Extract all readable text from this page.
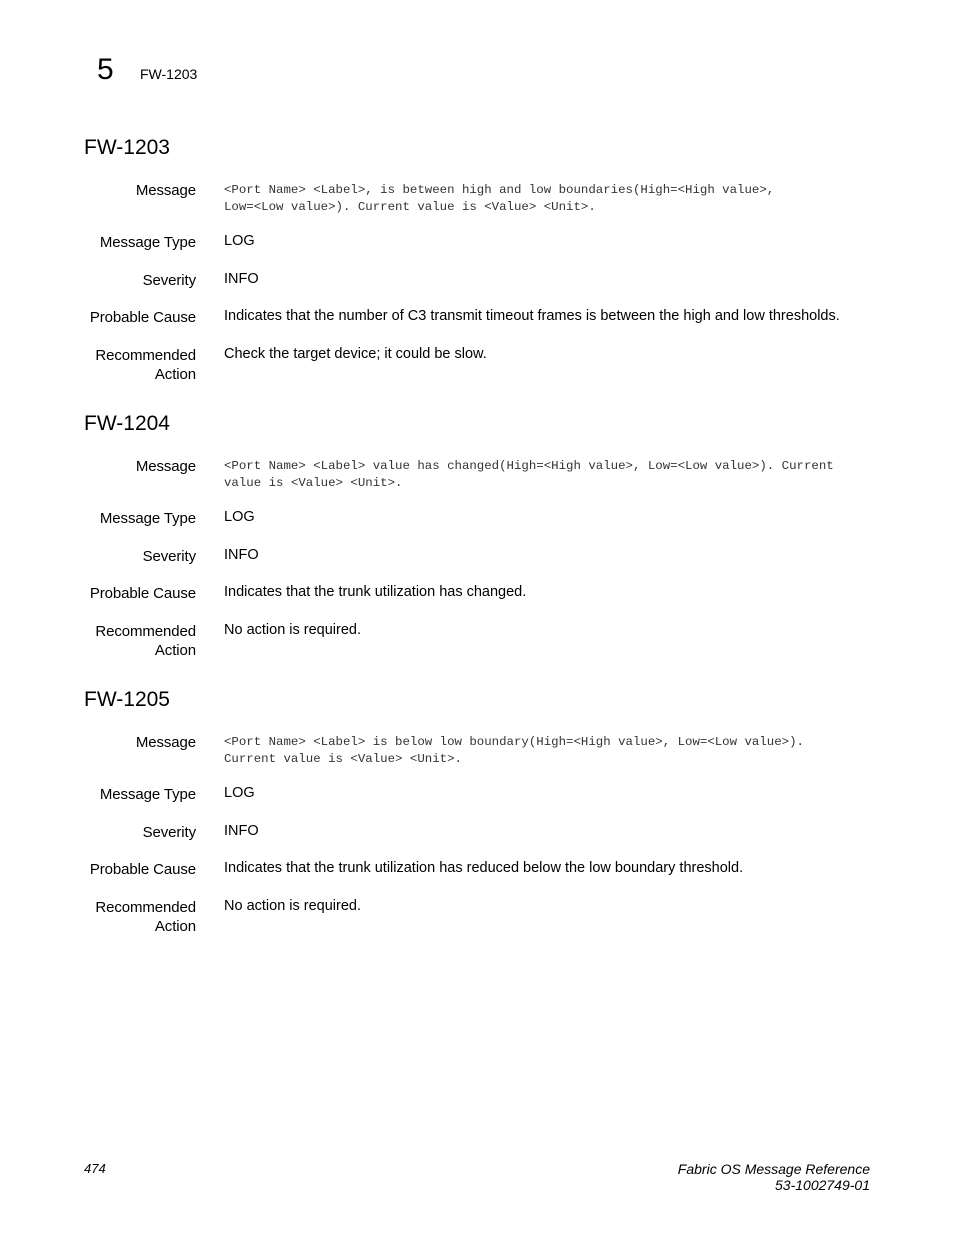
5 FW-1203
FW-1203
Message <Port Name> <Label>, is between high and low boundaries(High=<High value>,
Low=<Low value>). Current value is <Value> <Unit>.
Message Type LOG
Severity INFO
Probable Cause Indicates that the number of C3 transmit timeout frames is between the high and low thresholds.
Recommended
Action
Check the target device; it could be slow.
FW-1204
Message <Port Name> <Label> value has changed(High=<High value>, Low=<Low value>). Current
value is <Value> <Unit>.
Message Type LOG
Severity INFO
Probable Cause Indicates that the trunk utilization has changed.
Recommended
Action
No action is required.
FW-1205
Message <Port Name> <Label> is below low boundary(High=<High value>, Low=<Low value>).
Current value is <Value> <Unit>.
Message Type LOG
Severity INFO
Probable Cause Indicates that the trunk utilization has reduced below the low boundary threshold.
Recommended
Action
No action is required.
474	Fabric OS Message Reference
53-1002749-01
